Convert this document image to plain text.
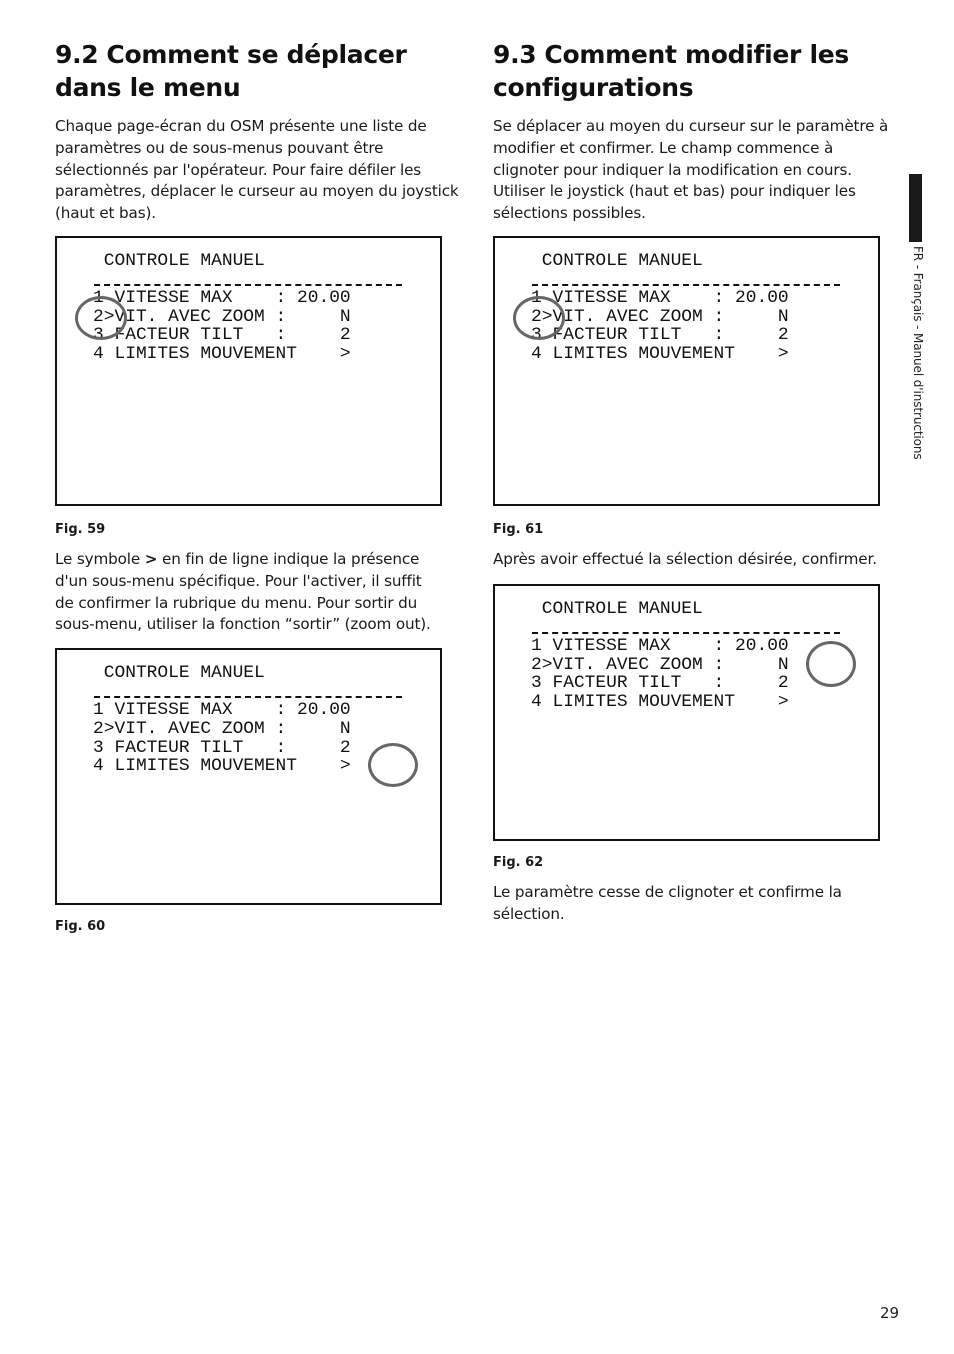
9.2 Comment se déplacer dans le menu

Chaque page-écran du OSM présente une liste de paramètres ou de sous-menus pouvant être sélectionnés par l'opérateur. Pour faire défiler les paramètres, déplacer le curseur au moyen du joystick (haut et bas).

CONTROLE MANUEL

1 VITESSE MAX    : 20.00
2>VIT. AVEC ZOOM :     N
3 FACTEUR TILT   :     2
4 LIMITES MOUVEMENT    >

Fig. 59

Le symbole > en fin de ligne indique la présence d'un sous-menu spécifique. Pour l'activer, il suffit de confirmer la rubrique du menu. Pour sortir du sous-menu, utiliser la fonction “sortir” (zoom out).

CONTROLE MANUEL

1 VITESSE MAX    : 20.00
2>VIT. AVEC ZOOM :     N
3 FACTEUR TILT   :     2
4 LIMITES MOUVEMENT    >

Fig. 60

9.3 Comment modifier les configurations

Se déplacer au moyen du curseur sur le paramètre à modifier et confirmer. Le champ commence à clignoter pour indiquer la modification en cours. Utiliser le joystick (haut et bas) pour indiquer les sélections possibles.

CONTROLE MANUEL

1 VITESSE MAX    : 20.00
2>VIT. AVEC ZOOM :     N
3 FACTEUR TILT   :     2
4 LIMITES MOUVEMENT    >

Fig. 61

Après avoir effectué la sélection désirée, confirmer.

CONTROLE MANUEL

1 VITESSE MAX    : 20.00
2>VIT. AVEC ZOOM :     N
3 FACTEUR TILT   :     2
4 LIMITES MOUVEMENT    >

Fig. 62

Le paramètre cesse de clignoter et confirme la sélection.

FR - Français - Manuel d'instructions
29
